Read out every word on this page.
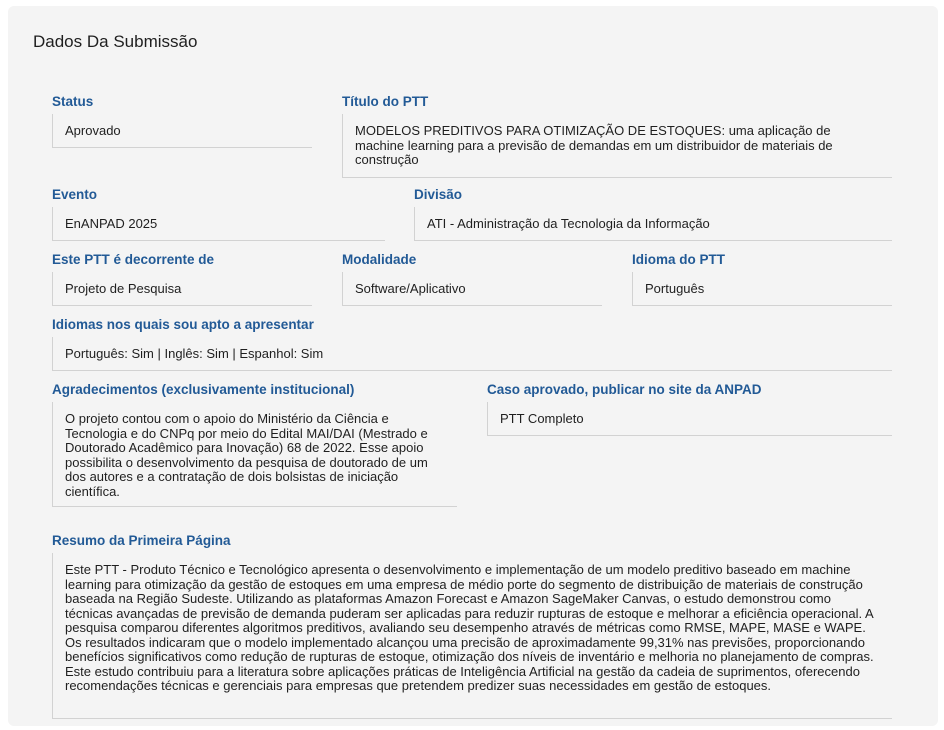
Dados Da Submissão
Status
Aprovado
Título do PTT
MODELOS PREDITIVOS PARA OTIMIZAÇÃO DE ESTOQUES: uma aplicação de machine learning para a previsão de demandas em um distribuidor de materiais de construção
Evento
EnANPAD 2025
Divisão
ATI - Administração da Tecnologia da Informação
Este PTT é decorrente de
Projeto de Pesquisa
Modalidade
Software/Aplicativo
Idioma do PTT
Português
Idiomas nos quais sou apto a apresentar
Português: Sim | Inglês: Sim | Espanhol: Sim
Agradecimentos (exclusivamente institucional)
O projeto contou com o apoio do Ministério da Ciência e Tecnologia e do CNPq por meio do Edital MAI/DAI (Mestrado e Doutorado Acadêmico para Inovação) 68 de 2022. Esse apoio possibilita o desenvolvimento da pesquisa de doutorado de um dos autores e a contratação de dois bolsistas de iniciação científica.
Caso aprovado, publicar no site da ANPAD
PTT Completo
Resumo da Primeira Página
Este PTT - Produto Técnico e Tecnológico apresenta o desenvolvimento e implementação de um modelo preditivo baseado em machine learning para otimização da gestão de estoques em uma empresa de médio porte do segmento de distribuição de materiais de construção baseada na Região Sudeste. Utilizando as plataformas Amazon Forecast e Amazon SageMaker Canvas, o estudo demonstrou como técnicas avançadas de previsão de demanda puderam ser aplicadas para reduzir rupturas de estoque e melhorar a eficiência operacional. A pesquisa comparou diferentes algoritmos preditivos, avaliando seu desempenho através de métricas como RMSE, MAPE, MASE e WAPE. Os resultados indicaram que o modelo implementado alcançou uma precisão de aproximadamente 99,31% nas previsões, proporcionando benefícios significativos como redução de rupturas de estoque, otimização dos níveis de inventário e melhoria no planejamento de compras. Este estudo contribuiu para a literatura sobre aplicações práticas de Inteligência Artificial na gestão da cadeia de suprimentos, oferecendo recomendações técnicas e gerenciais para empresas que pretendem predizer suas necessidades em gestão de estoques.
